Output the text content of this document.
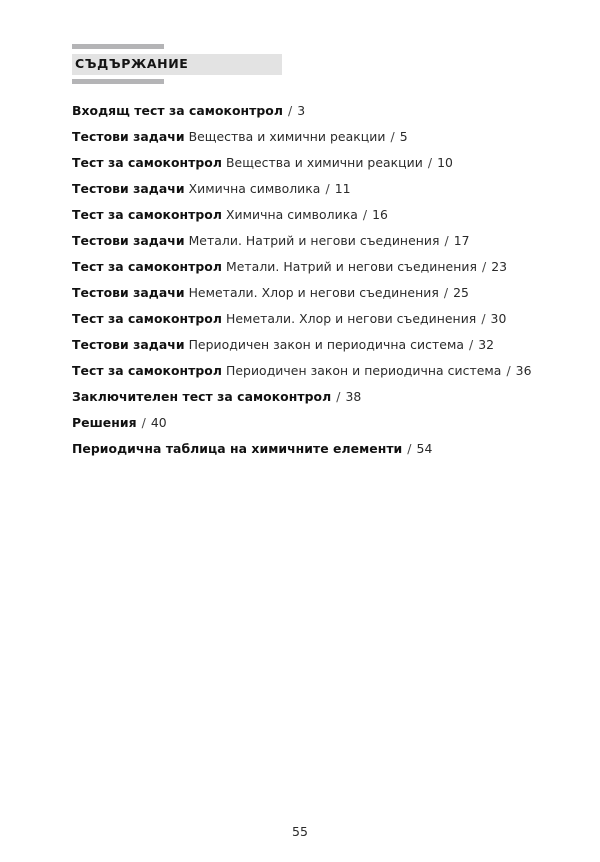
СЪДЪРЖАНИЕ
Входящ тест за самоконтрол / 3
Тестови задачи Вещества и химични реакции / 5
Тест за самоконтрол Вещества и химични реакции / 10
Тестови задачи Химична символика / 11
Тест за самоконтрол Химична символика / 16
Тестови задачи Метали. Натрий и негови съединения / 17
Тест за самоконтрол Метали. Натрий и негови съединения / 23
Тестови задачи Неметали. Хлор и негови съединения / 25
Тест за самоконтрол Неметали. Хлор и негови съединения / 30
Тестови задачи Периодичен закон и периодична система / 32
Тест за самоконтрол Периодичен закон и периодична система / 36
Заключителен тест за самоконтрол / 38
Решения / 40
Периодична таблица на химичните елементи / 54
55
